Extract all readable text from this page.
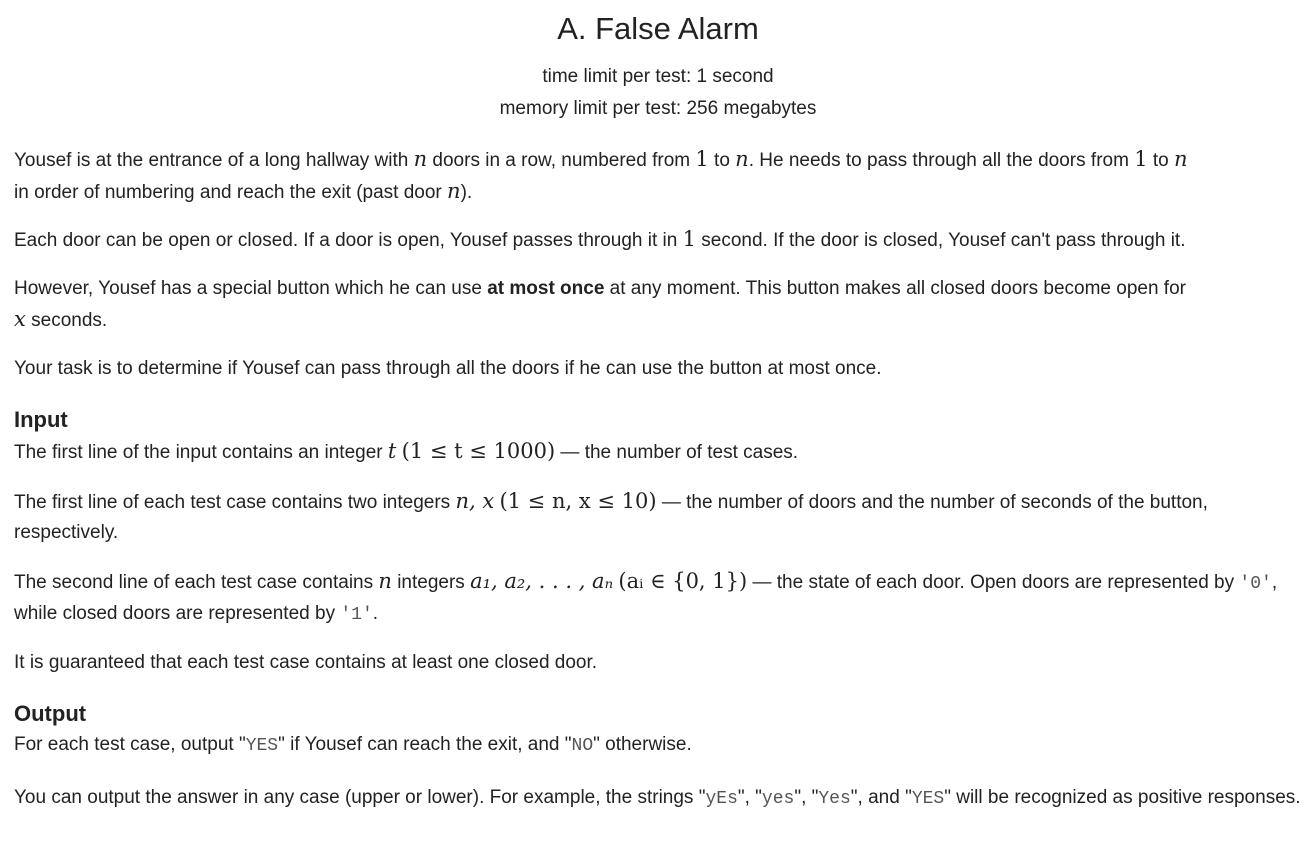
A. False Alarm
time limit per test: 1 second
memory limit per test: 256 megabytes

Yousef is at the entrance of a long hallway with n doors in a row, numbered from 1 to n. He needs to pass through all the doors from 1 to n
in order of numbering and reach the exit (past door n).

Each door can be open or closed. If a door is open, Yousef passes through it in 1 second. If the door is closed, Yousef can't pass through it.

However, Yousef has a special button which he can use at most once at any moment. This button makes all closed doors become open for
x seconds.

Your task is to determine if Yousef can pass through all the doors if he can use the button at most once.

Input

The first line of the input contains an integer t (1 ≤ t ≤ 1000) — the number of test cases.

The first line of each test case contains two integers n, x (1 ≤ n, x ≤ 10) — the number of doors and the number of seconds of the button, respectively.

The second line of each test case contains n integers a₁, a₂, . . . , aₙ (aᵢ ∈ {0, 1}) — the state of each door. Open doors are represented by '0', while closed doors are represented by '1'.

It is guaranteed that each test case contains at least one closed door.

Output

For each test case, output "YES" if Yousef can reach the exit, and "NO" otherwise.

You can output the answer in any case (upper or lower). For example, the strings "yEs", "yes", "Yes", and "YES" will be recognized as positive responses.
